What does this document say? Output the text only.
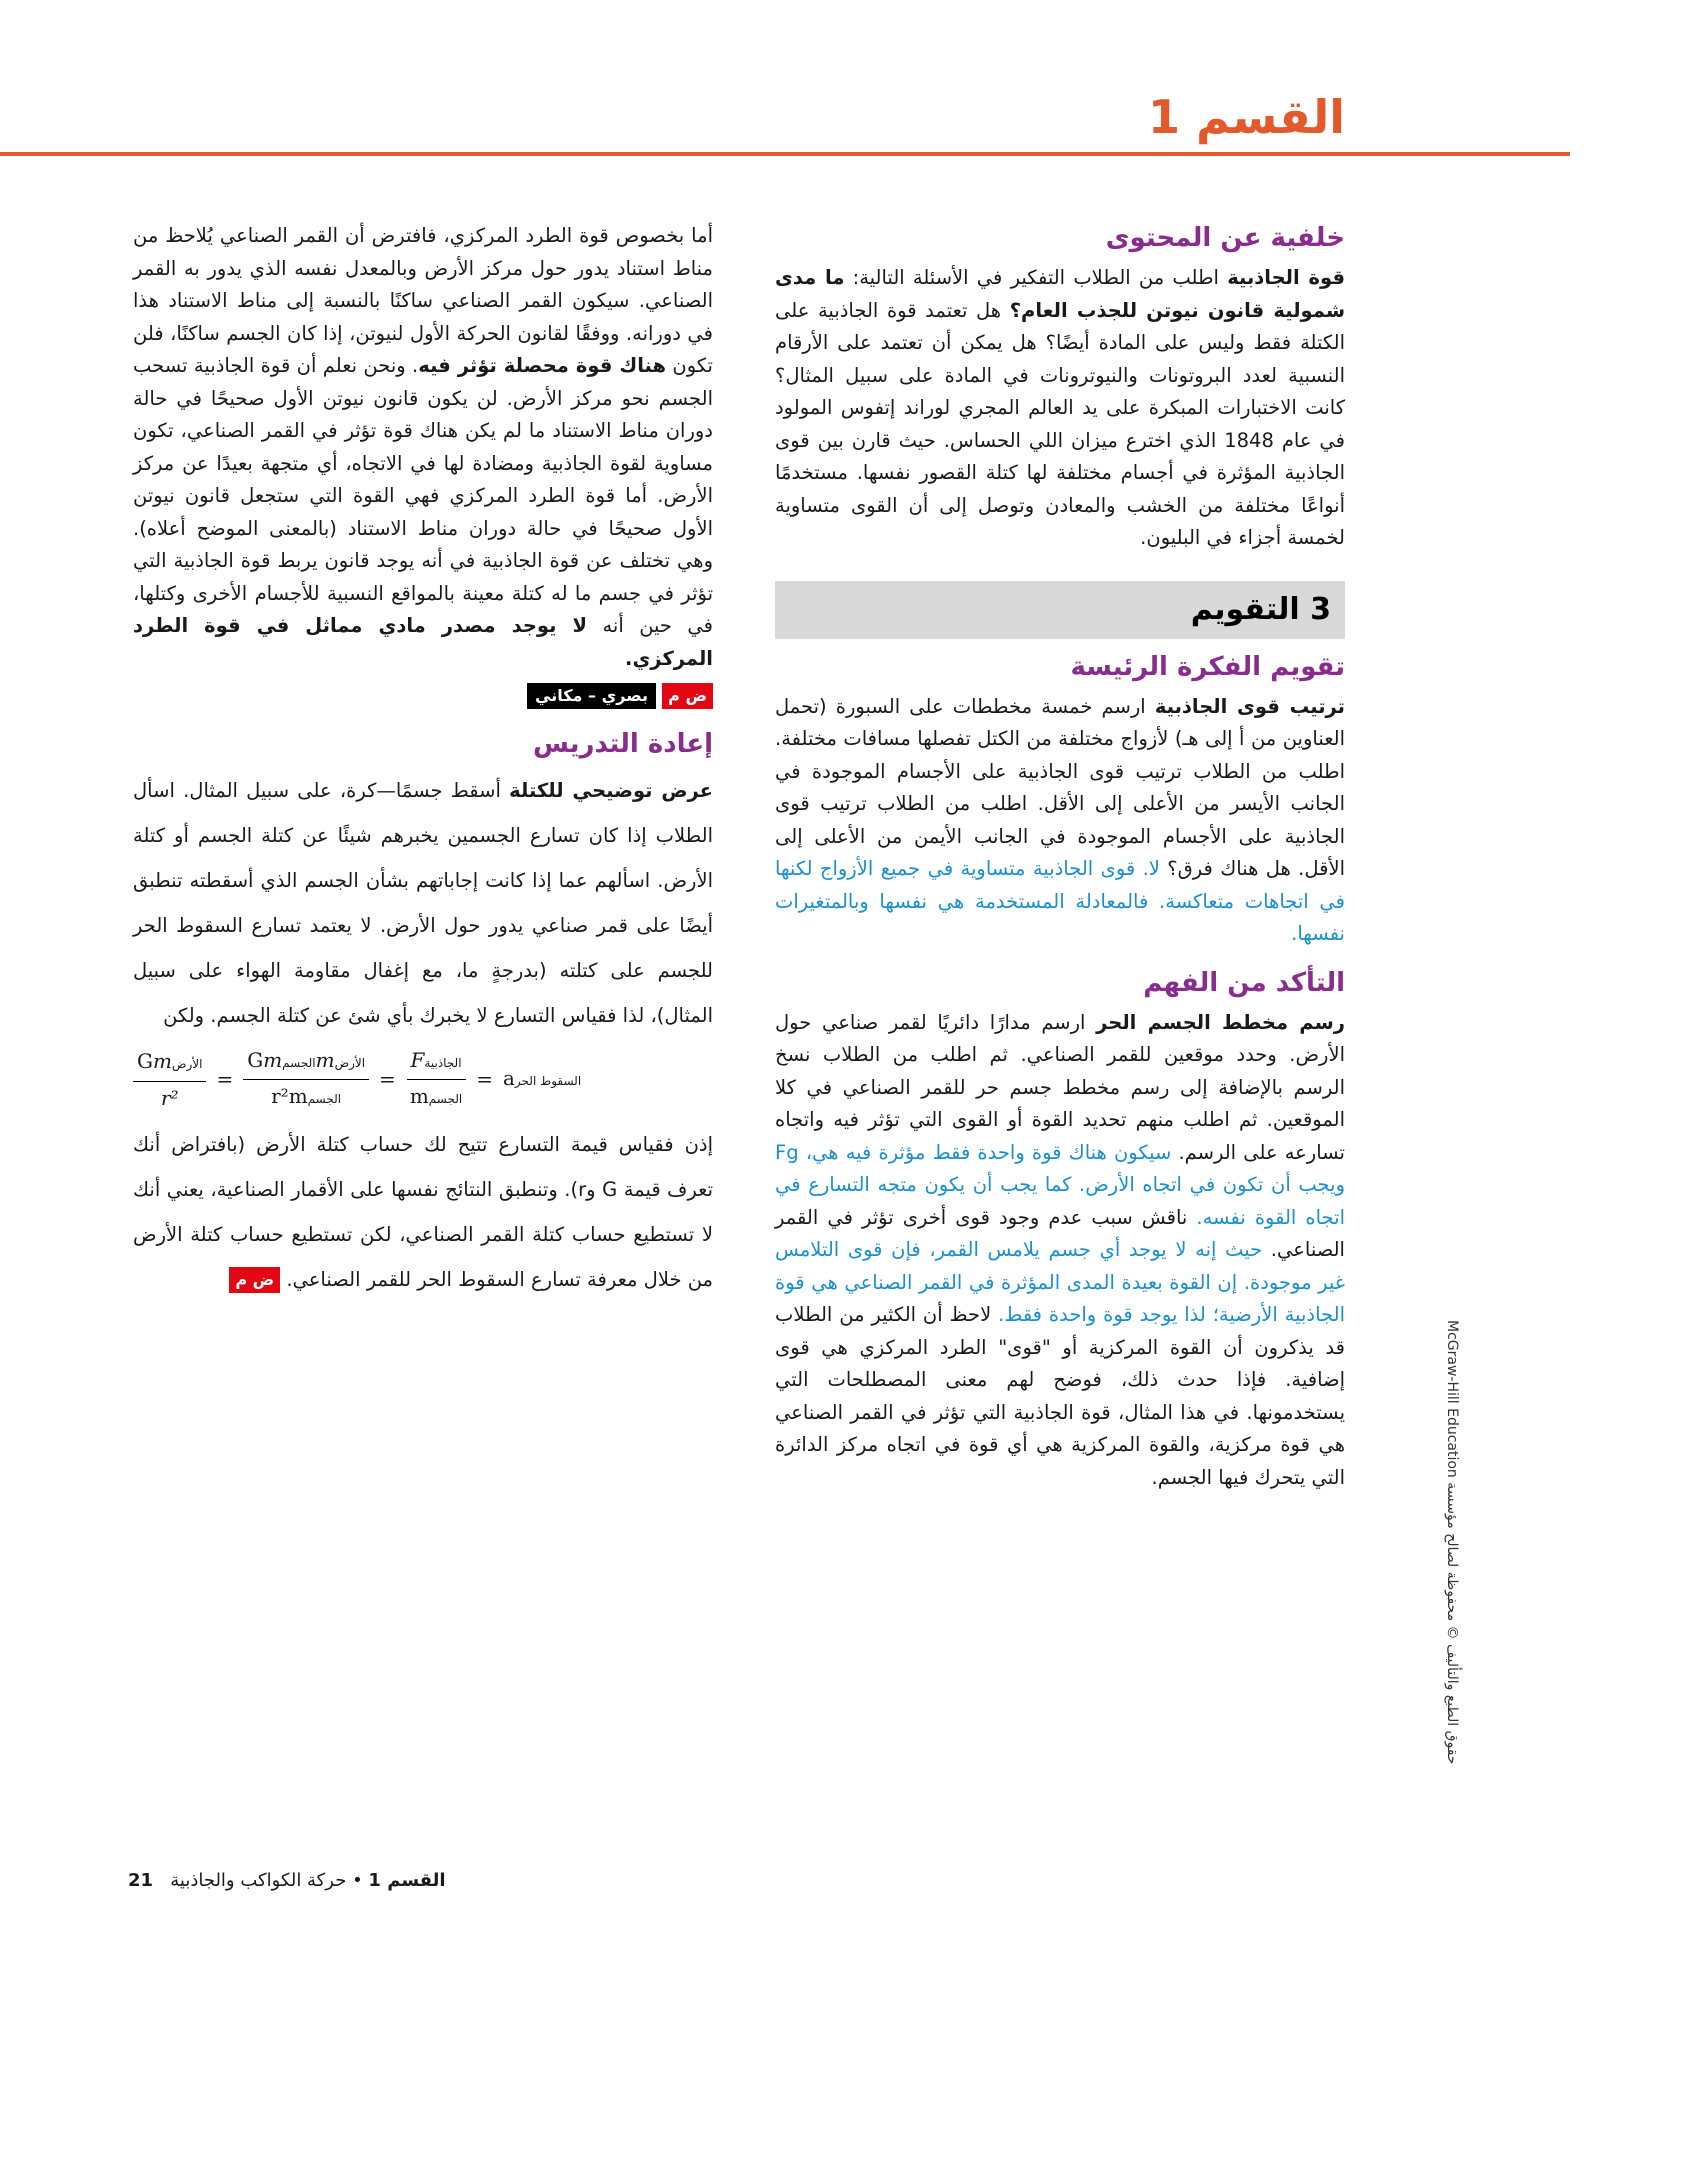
القسم 1
خلفية عن المحتوى

قوة الجاذبية اطلب من الطلاب التفكير في الأسئلة التالية: ما مدى شمولية قانون نيوتن للجذب العام؟ هل تعتمد قوة الجاذبية على الكتلة فقط وليس على المادة أيضًا؟ هل يمكن أن تعتمد على الأرقام النسبية لعدد البروتونات والنيوترونات في المادة على سبيل المثال؟ كانت الاختبارات المبكرة على يد العالم المجري لوراند إتفوس المولود في عام 1848 الذي اخترع ميزان اللي الحساس. حيث قارن بين قوى الجاذبية المؤثرة في أجسام مختلفة لها كتلة القصور نفسها. مستخدمًا أنواعًا مختلفة من الخشب والمعادن وتوصل إلى أن القوى متساوية لخمسة أجزاء في البليون.

3 التقويم
تقويم الفكرة الرئيسة

ترتيب قوى الجاذبية ارسم خمسة مخططات على السبورة (تحمل العناوين من أ إلى هـ) لأزواج مختلفة من الكتل تفصلها مسافات مختلفة. اطلب من الطلاب ترتيب قوى الجاذبية على الأجسام الموجودة في الجانب الأيسر من الأعلى إلى الأقل. اطلب من الطلاب ترتيب قوى الجاذبية على الأجسام الموجودة في الجانب الأيمن من الأعلى إلى الأقل. هل هناك فرق؟ لا. قوى الجاذبية متساوية في جميع الأزواج لكنها في اتجاهات متعاكسة. فالمعادلة المستخدمة هي نفسها وبالمتغيرات نفسها.

التأكد من الفهم

رسم مخطط الجسم الحر ارسم مدارًا دائريًا لقمر صناعي حول الأرض. وحدد موقعين للقمر الصناعي. ثم اطلب من الطلاب نسخ الرسم بالإضافة إلى رسم مخطط جسم حر للقمر الصناعي في كلا الموقعين. ثم اطلب منهم تحديد القوة أو القوى التي تؤثر فيه واتجاه تسارعه على الرسم. سيكون هناك قوة واحدة فقط مؤثرة فيه هي، Fg ويجب أن تكون في اتجاه الأرض. كما يجب أن يكون متجه التسارع في اتجاه القوة نفسه. ناقش سبب عدم وجود قوى أخرى تؤثر في القمر الصناعي. حيث إنه لا يوجد أي جسم يلامس القمر، فإن قوى التلامس غير موجودة. إن القوة بعيدة المدى المؤثرة في القمر الصناعي هي قوة الجاذبية الأرضية؛ لذا يوجد قوة واحدة فقط. لاحظ أن الكثير من الطلاب قد يذكرون أن القوة المركزية أو "قوى" الطرد المركزي هي قوى إضافية. فإذا حدث ذلك، فوضح لهم معنى المصطلحات التي يستخدمونها. في هذا المثال، قوة الجاذبية التي تؤثر في القمر الصناعي هي قوة مركزية، والقوة المركزية هي أي قوة في اتجاه مركز الدائرة التي يتحرك فيها الجسم.

أما بخصوص قوة الطرد المركزي، فافترض أن القمر الصناعي يُلاحظ من مناط استناد يدور حول مركز الأرض وبالمعدل نفسه الذي يدور به القمر الصناعي. سيكون القمر الصناعي ساكنًا بالنسبة إلى مناط الاستناد هذا في دورانه. ووفقًا لقانون الحركة الأول لنيوتن، إذا كان الجسم ساكنًا، فلن تكون هناك قوة محصلة تؤثر فيه. ونحن نعلم أن قوة الجاذبية تسحب الجسم نحو مركز الأرض. لن يكون قانون نيوتن الأول صحيحًا في حالة دوران مناط الاستناد ما لم يكن هناك قوة تؤثر في القمر الصناعي، تكون مساوية لقوة الجاذبية ومضادة لها في الاتجاه، أي متجهة بعيدًا عن مركز الأرض. أما قوة الطرد المركزي فهي القوة التي ستجعل قانون نيوتن الأول صحيحًا في حالة دوران مناط الاستناد (بالمعنى الموضح أعلاه). وهي تختلف عن قوة الجاذبية في أنه يوجد قانون يربط قوة الجاذبية التي تؤثر في جسم ما له كتلة معينة بالمواقع النسبية للأجسام الأخرى وكتلها، في حين أنه لا يوجد مصدر مادي مماثل في قوة الطرد المركزي.

ض م بصري – مكاني
إعادة التدريس

عرض توضيحي للكتلة أسقط جسمًا—كرة، على سبيل المثال. اسأل الطلاب إذا كان تسارع الجسمين يخبرهم شيئًا عن كتلة الجسم أو كتلة الأرض. اسألهم عما إذا كانت إجاباتهم بشأن الجسم الذي أسقطته تنطبق أيضًا على قمر صناعي يدور حول الأرض. لا يعتمد تسارع السقوط الحر للجسم على كتلته (بدرجةٍ ما، مع إغفال مقاومة الهواء على سبيل المثال)، لذا فقياس التسارع لا يخبرك بأي شئ عن كتلة الجسم. ولكن

$\frac{\text{Gmالأرض}}{\text{r²}} = \frac{\text{Gmالجسمmالأرض}}{\text{r²mالجسم}} = \frac{\text{Fالجاذبية}}{\text{mالجسم}}$ = aالسقوط الحر

إذن فقياس قيمة التسارع تتيح لك حساب كتلة الأرض (بافتراض أنك تعرف قيمة G وr). وتنطبق النتائج نفسها على الأقمار الصناعية، يعني أنك لا تستطيع حساب كتلة القمر الصناعي، لكن تستطيع حساب كتلة الأرض من خلال معرفة تسارع السقوط الحر للقمر الصناعي. ض م

حقوق الطبع والتأليف © محفوظة لصالح مؤسسة McGraw-Hill Education
القسم 1 • حركة الكواكب والجاذبية   21
